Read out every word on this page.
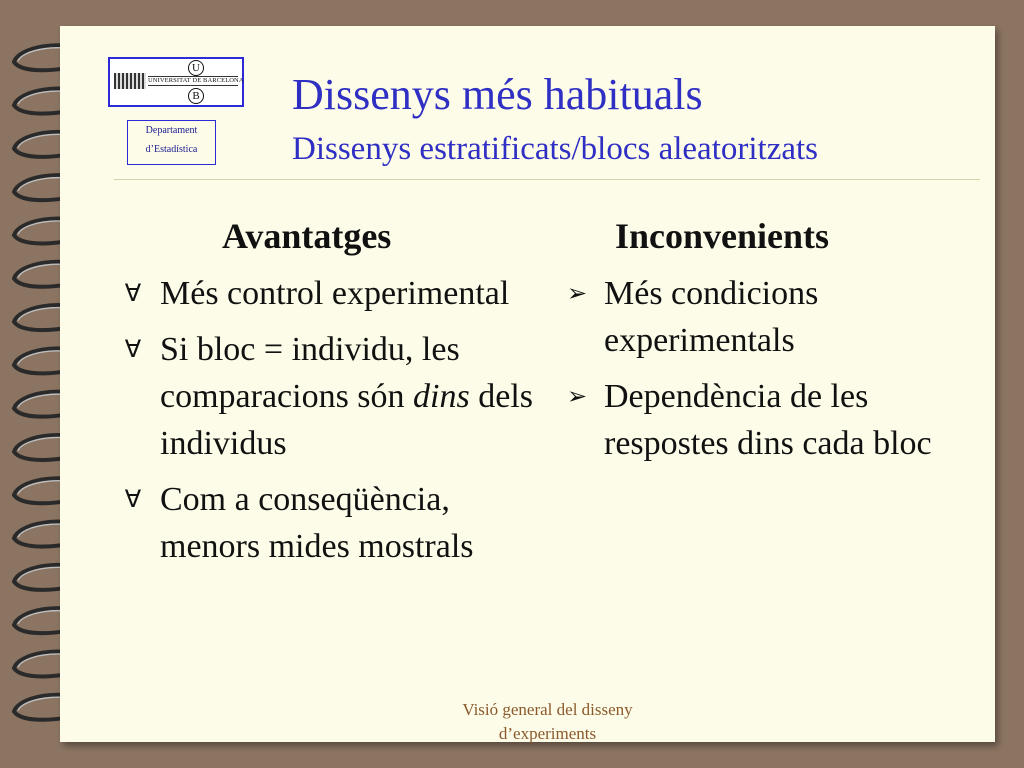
UNIVERSITAT DE BARCELONA
U
B
Departament
d’Estadística
Dissenys més habituals
Dissenys estratificats/blocs aleatoritzats
Avantatges	Inconvenients
∀ Més control experimental
∀ Si bloc = individu, les comparacions són dins dels individus
∀ Com a conseqüència, menors mides mostrals
➢ Més condicions experimentals
➢ Dependència de les respostes dins cada bloc
Visió general del disseny
d’experiments
